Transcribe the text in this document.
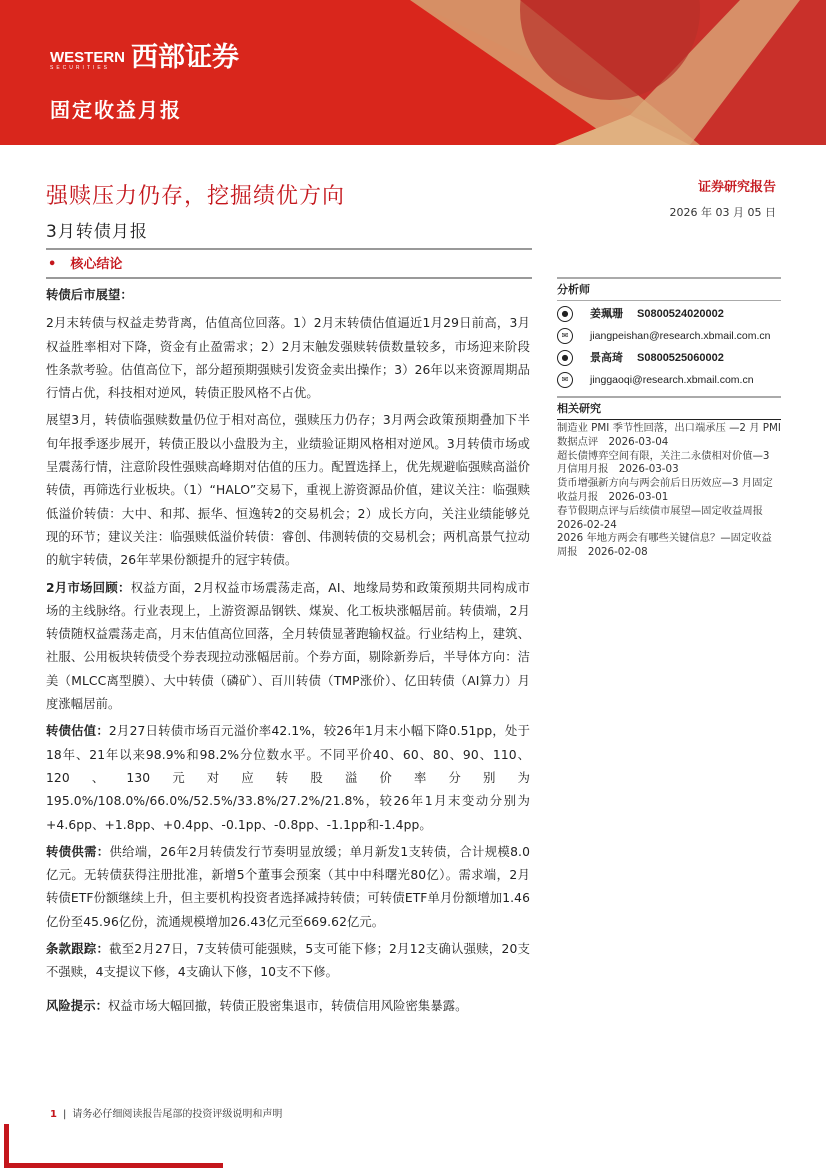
WESTERN
SECURITIES 西部证券
固定收益月报
强赎压力仍存，挖掘绩优方向
3月转债月报
证券研究报告
2026 年 03 月 05 日
• 核心结论

转债后市展望：

2月末转债与权益走势背离，估值高位回落。1）2月末转债估值逼近1月29日前高，3月权益胜率相对下降，资金有止盈需求；2）2月末触发强赎转债数量较多，市场迎来阶段性条款考验。估值高位下，部分超预期强赎引发资金卖出操作；3）26年以来资源周期品行情占优，科技相对逆风，转债正股风格不占优。

展望3月，转债临强赎数量仍位于相对高位，强赎压力仍存；3月两会政策预期叠加下半旬年报季逐步展开，转债正股以小盘股为主，业绩验证期风格相对逆风。3月转债市场或呈震荡行情，注意阶段性强赎高峰期对估值的压力。配置选择上，优先规避临强赎高溢价转债，再筛选行业板块。（1）“HALO”交易下，重视上游资源品价值，建议关注：临强赎低溢价转债：大中、和邦、振华、恒逸转2的交易机会；2）成长方向，关注业绩能够兑现的环节；建议关注：临强赎低溢价转债：睿创、伟测转债的交易机会；两机高景气拉动的航宇转债，26年苹果份额提升的冠宇转债。

2月市场回顾：权益方面，2月权益市场震荡走高，AI、地缘局势和政策预期共同构成市场的主线脉络。行业表现上，上游资源品钢铁、煤炭、化工板块涨幅居前。转债端，2月转债随权益震荡走高，月末估值高位回落，全月转债显著跑输权益。行业结构上，建筑、社服、公用板块转债受个券表现拉动涨幅居前。个券方面，剔除新券后，半导体方向：洁美（MLCC离型膜）、大中转债（磷矿）、百川转债（TMP涨价）、亿田转债（AI算力）月度涨幅居前。

转债估值：2月27日转债市场百元溢价率42.1%，较26年1月末小幅下降0.51pp，处于18年、21年以来98.9%和98.2%分位数水平。不同平价40、60、80、90、110、120、130元对应转股溢价率分别为195.0%/108.0%/66.0%/52.5%/33.8%/27.2%/21.8%，较26年1月末变动分别为+4.6pp、+1.8pp、+0.4pp、-0.1pp、-0.8pp、-1.1pp和-1.4pp。

转债供需：供给端，26年2月转债发行节奏明显放缓；单月新发1支转债，合计规模8.0亿元。无转债获得注册批准，新增5个董事会预案（其中中科曙光80亿）。需求端，2月转债ETF份额继续上升，但主要机构投资者选择减持转债；可转债ETF单月份额增加1.46亿份至45.96亿份，流通规模增加26.43亿元至669.62亿元。

条款跟踪：截至2月27日，7支转债可能强赎，5支可能下修；2月12支确认强赎，20支不强赎，4支提议下修，4支确认下修，10支不下修。

风险提示：权益市场大幅回撤，转债正股密集退市，转债信用风险密集暴露。

分析师
●	姜珮珊 S0800524020002
✉	jiangpeishan@research.xbmail.com.cn
●	景高琦 S0800525060002
✉	jinggaoqi@research.xbmail.com.cn
相关研究
制造业 PMI 季节性回落，出口端承压 —2 月 PMI 数据点评　2026-03-04
超长债博弈空间有限，关注二永债相对价值—3 月信用月报　2026-03-03
货币增强新方向与两会前后日历效应—3 月固定收益月报　2026-03-01
春节假期点评与后续债市展望—固定收益周报　2026-02-24
2026 年地方两会有哪些关键信息？—固定收益周报　2026-02-08
1 | 请务必仔细阅读报告尾部的投资评级说明和声明
